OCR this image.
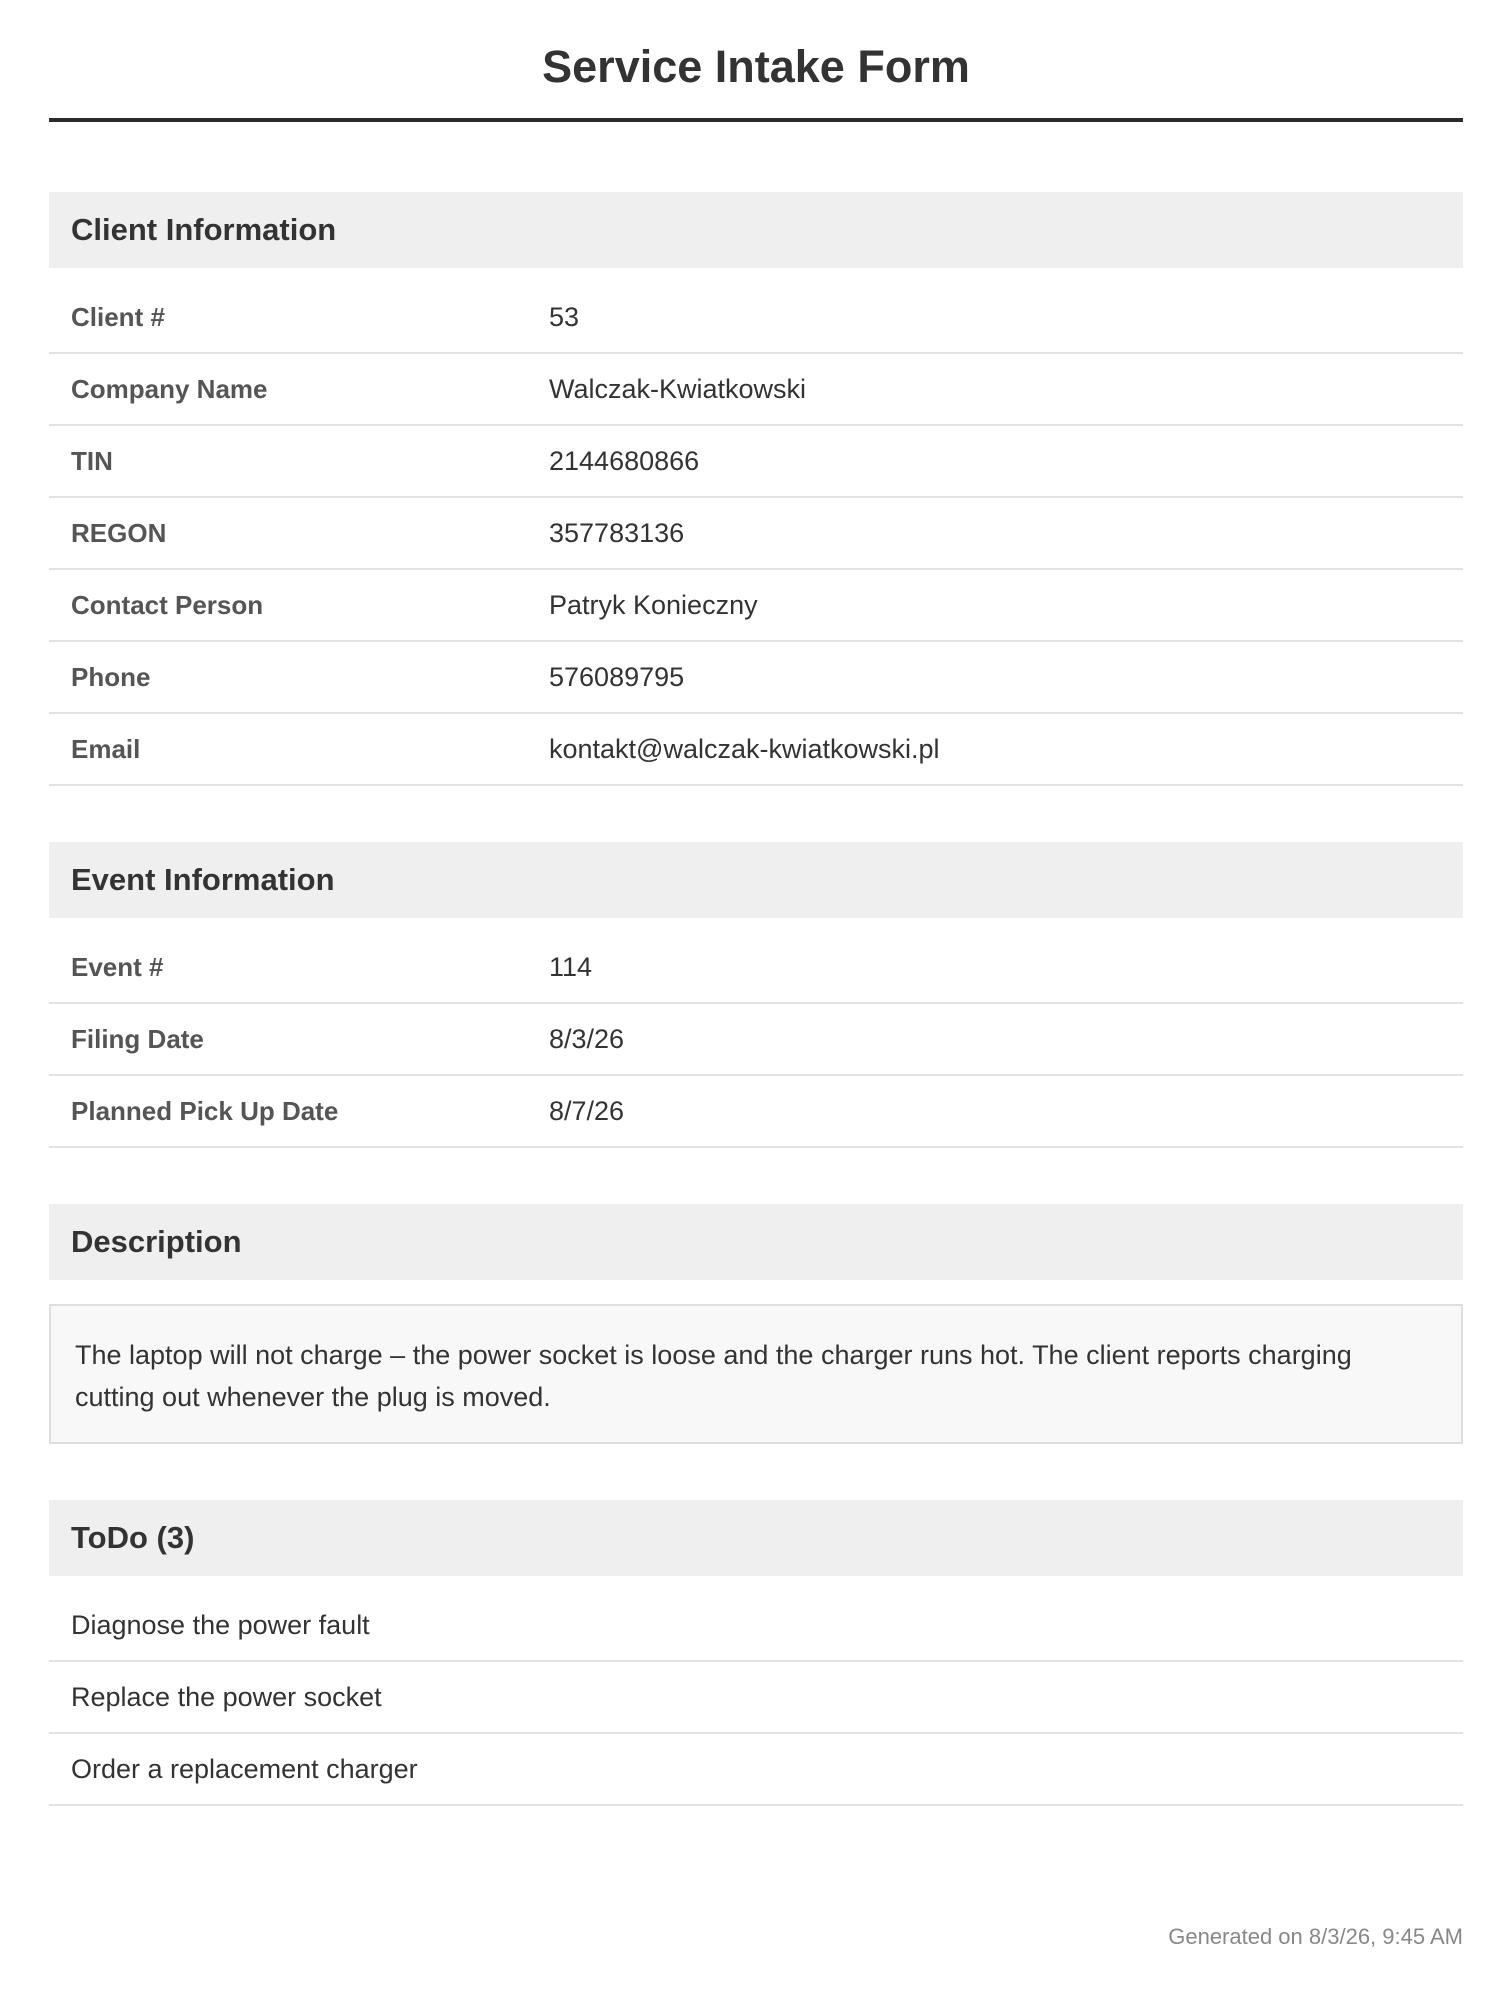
Service Intake Form
Client Information
Client #	53
Company Name	Walczak-Kwiatkowski
TIN	2144680866
REGON	357783136
Contact Person	Patryk Konieczny
Phone	576089795
Email	kontakt@walczak-kwiatkowski.pl
Event Information
Event #	114
Filing Date	8/3/26
Planned Pick Up Date	8/7/26
Description
The laptop will not charge – the power socket is loose and the charger runs hot. The client reports charging cutting out whenever the plug is moved.
ToDo (3)
Diagnose the power fault
Replace the power socket
Order a replacement charger
Generated on 8/3/26, 9:45 AM
